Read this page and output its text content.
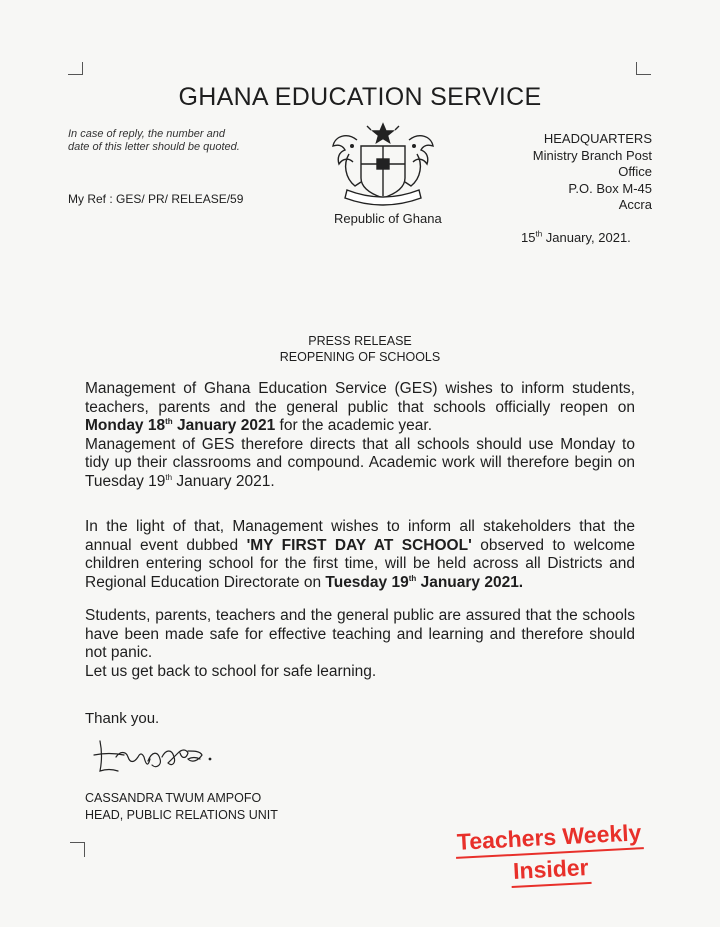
GHANA EDUCATION SERVICE
In case of reply, the number and
date of this letter should be quoted.
My Ref : GES/ PR/ RELEASE/59
Republic of Ghana
HEADQUARTERS
Ministry Branch Post
Office
P.O. Box M-45
Accra
15th January, 2021.
PRESS RELEASE
REOPENING OF SCHOOLS

Management of Ghana Education Service (GES) wishes to inform students, teachers, parents and the general public that schools officially reopen on Monday 18th January 2021 for the academic year.

Management of GES therefore directs that all schools should use Monday to tidy up their classrooms and compound. Academic work will therefore begin on Tuesday 19th January 2021.

In the light of that, Management wishes to inform all stakeholders that the annual event dubbed 'MY FIRST DAY AT SCHOOL' observed to welcome children entering school for the first time, will be held across all Districts and Regional Education Directorate on Tuesday 19th January 2021.

Students, parents, teachers and the general public are assured that the schools have been made safe for effective teaching and learning and therefore should not panic.

Let us get back to school for safe learning.

Thank you.
CASSANDRA TWUM AMPOFO
HEAD, PUBLIC RELATIONS UNIT
Teachers Weekly
Insider
